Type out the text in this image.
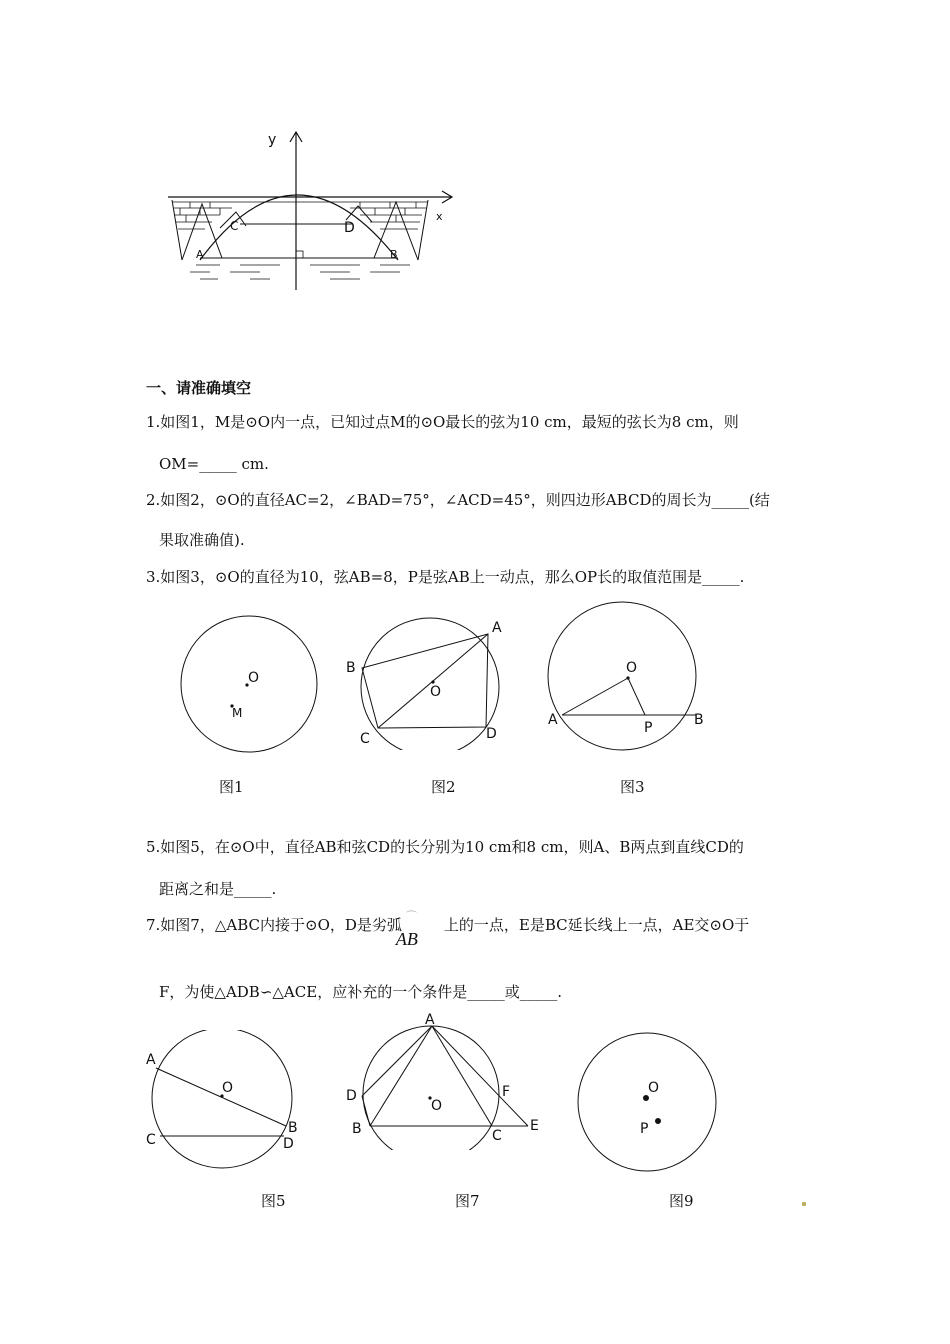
y
x
A
C	D
B
一、请准确填空
1.如图1，M是⊙O内一点，已知过点M的⊙O最长的弦为10 cm，最短的弦长为8 cm，则
OM=_____ cm.
2.如图2，⊙O的直径AC=2，∠BAD=75°，∠ACD=45°，则四边形ABCD的周长为_____(结
果取准确值).
3.如图3，⊙O的直径为10，弦AB=8，P是弦AB上一动点，那么OP长的取值范围是_____.
O
M
图1
A
B
C	D
O
图2
O
A	B
P
图3
5.如图5，在⊙O中，直径AB和弦CD的长分别为10 cm和8 cm，则A、B两点到直线CD的
距离之和是_____.
7.如图7，△ABC内接于⊙O，D是劣弧 ⌒
AB
上的一点，E是BC延长线上一点，AE交⊙O于
F，为使△ADB∽△ACE，应补充的一个条件是_____或_____.
O
A
B
C	D
图5
A
D
B	C
E
F
O
图7
O
P
图9
